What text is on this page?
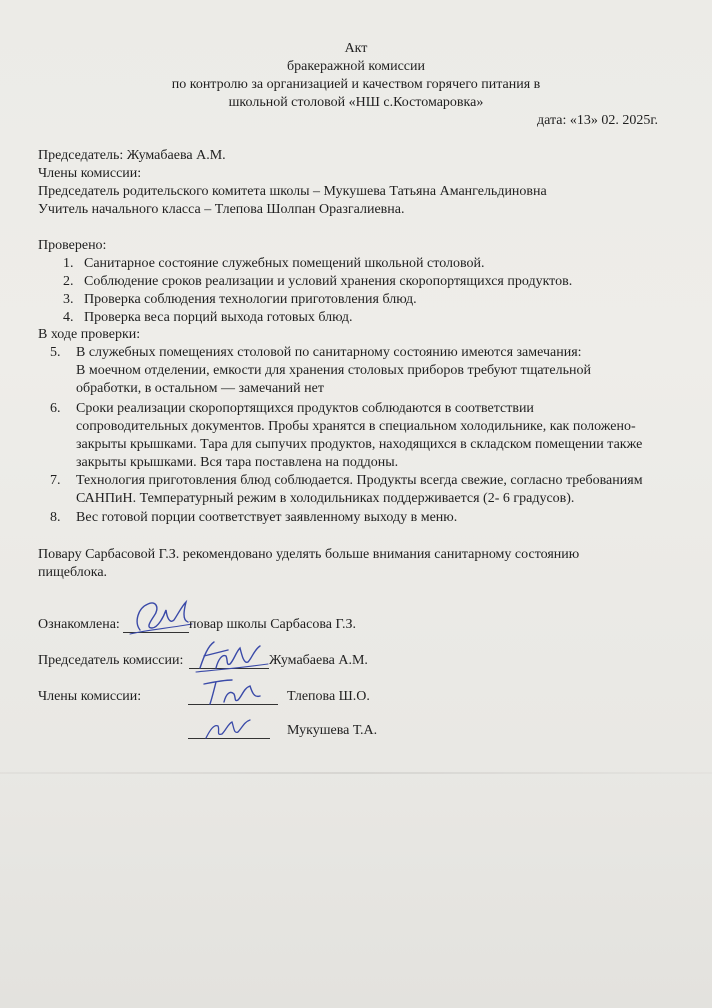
Акт
бракеражной комиссии
по контролю за организацией и качеством горячего питания в
школьной столовой «НШ с.Костомаровка»
дата: «13» 02. 2025г.
Председатель: Жумабаева А.М.
Члены комиссии:
Председатель родительского комитета школы – Мукушева Татьяна Амангельдиновна
Учитель начального класса – Тлепова Шолпан Оразгалиевна.
Проверено:
1. Санитарное состояние служебных помещений школьной столовой.
2. Соблюдение сроков реализации и условий хранения скоропортящихся продуктов.
3. Проверка соблюдения технологии приготовления блюд.
4. Проверка веса порций выхода готовых блюд.
В ходе проверки:
5. В служебных помещениях столовой по санитарному состоянию имеются замечания:
В моечном отделении, емкости для хранения столовых приборов требуют тщательной
обработки, в остальном — замечаний нет
6. Сроки реализации скоропортящихся продуктов соблюдаются в соответствии
сопроводительных документов. Пробы хранятся в специальном холодильнике, как положено-
закрыты крышками. Тара для сыпучих продуктов, находящихся в складском помещении также
закрыты крышками. Вся тара поставлена на поддоны.
7. Технология приготовления блюд соблюдается. Продукты всегда свежие, согласно требованиям
САНПиН. Температурный режим в холодильниках поддерживается (2- 6 градусов).
8. Вес готовой порции соответствует заявленному выходу в меню.
Повару Сарбасовой Г.З. рекомендовано уделять больше внимания санитарному состоянию
пищеблока.
Ознакомлена:	повар школы Сарбасова Г.З.
Председатель комиссии:	Жумабаева А.М.
Члены комиссии:	Тлепова Ш.О.
Мукушева Т.А.
